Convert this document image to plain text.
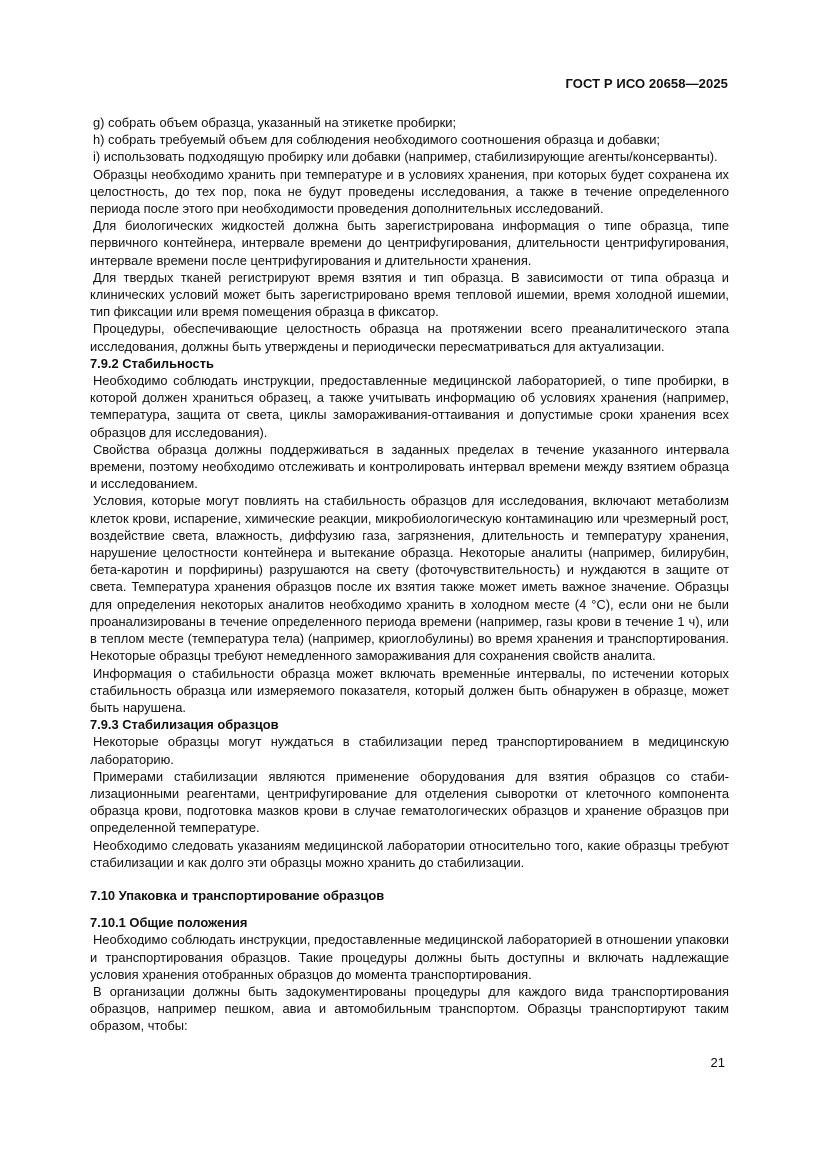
ГОСТ Р ИСО 20658—2025

g) собрать объем образца, указанный на этикетке пробирки;

h) собрать требуемый объем для соблюдения необходимого соотношения образца и добавки;

i) использовать подходящую пробирку или добавки (например, стабилизирующие агенты/консерванты).

Образцы необходимо хранить при температуре и в условиях хранения, при которых будет сохранена их целостность, до тех пор, пока не будут проведены исследования, а также в течение определенного периода после этого при необходимости проведения дополнительных исследований.

Для биологических жидкостей должна быть зарегистрирована информация о типе образца, типе первичного контейнера, интервале времени до центрифугирования, длительности центрифугирования, интервале времени после центрифугирования и длительности хранения.

Для твердых тканей регистрируют время взятия и тип образца. В зависимости от типа образца и клинических условий может быть зарегистрировано время тепловой ишемии, время холодной ишемии, тип фиксации или время помещения образца в фиксатор.

Процедуры, обеспечивающие целостность образца на протяжении всего преаналитического этапа исследования, должны быть утверждены и периодически пересматриваться для актуализации.

7.9.2 Стабильность

Необходимо соблюдать инструкции, предоставленные медицинской лабораторией, о типе пробирки, в которой должен храниться образец, а также учитывать информацию об условиях хранения (например, температура, защита от света, циклы замораживания-оттаивания и допустимые сроки хранения всех образцов для исследования).

Свойства образца должны поддерживаться в заданных пределах в течение указанного интервала времени, поэтому необходимо отслеживать и контролировать интервал времени между взятием образца и исследованием.

Условия, которые могут повлиять на стабильность образцов для исследования, включают метаболизм клеток крови, испарение, химические реакции, микробиологическую контаминацию или чрезмерный рост, воздействие света, влажность, диффузию газа, загрязнения, длительность и температуру хранения, нарушение целостности контейнера и вытекание образца. Некоторые аналиты (например, билирубин, бета-каротин и порфирины) разрушаются на свету (фоточувствительность) и нуждаются в защите от света. Температура хранения образцов после их взятия также может иметь важное значение. Образцы для определения некоторых аналитов необходимо хранить в холодном месте (4 °С), если они не были проанализированы в течение определенного периода времени (например, газы крови в течение 1 ч), или в теплом месте (температура тела) (например, криоглобулины) во время хранения и транспортирования. Некоторые образцы требуют немедленного замораживания для сохранения свойств аналита.

Информация о стабильности образца может включать временны́е интервалы, по истечении которых стабильность образца или измеряемого показателя, который должен быть обнаружен в образце, может быть нарушена.

7.9.3 Стабилизация образцов

Некоторые образцы могут нуждаться в стабилизации перед транспортированием в медицинскую лабораторию.

Примерами стабилизации являются применение оборудования для взятия образцов со стабилизационными реагентами, центрифугирование для отделения сыворотки от клеточного компонента образца крови, подготовка мазков крови в случае гематологических образцов и хранение образцов при определенной температуре.

Необходимо следовать указаниям медицинской лаборатории относительно того, какие образцы требуют стабилизации и как долго эти образцы можно хранить до стабилизации.

7.10 Упаковка и транспортирование образцов

7.10.1 Общие положения

Необходимо соблюдать инструкции, предоставленные медицинской лабораторией в отношении упаковки и транспортирования образцов. Такие процедуры должны быть доступны и включать надлежащие условия хранения отобранных образцов до момента транспортирования.

В организации должны быть задокументированы процедуры для каждого вида транспортирования образцов, например пешком, авиа и автомобильным транспортом. Образцы транспортируют таким образом, чтобы:

21
